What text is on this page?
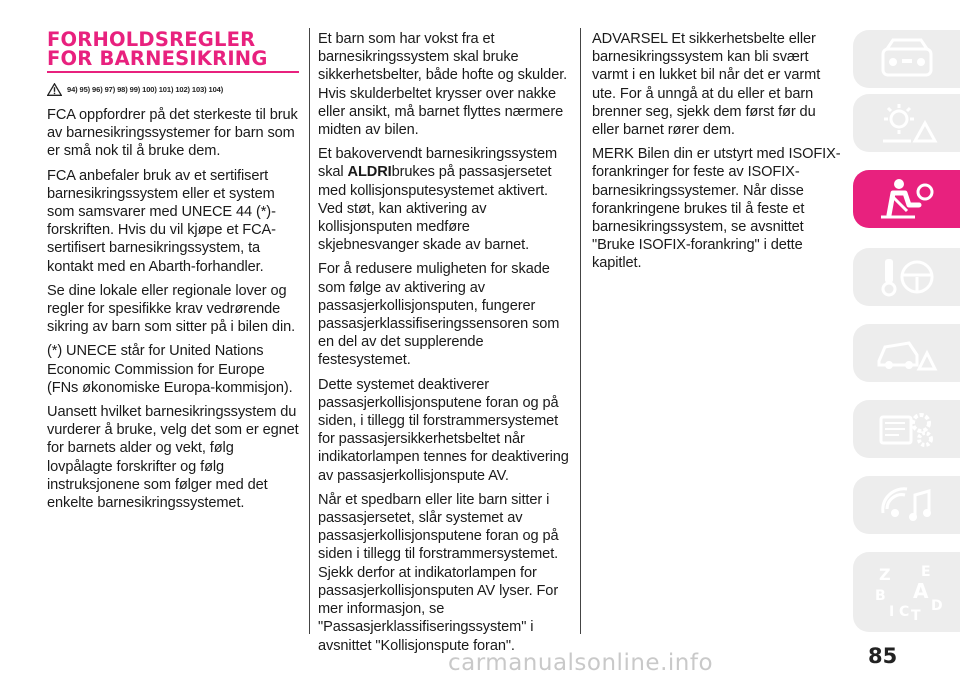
FORHOLDSREGLER FOR BARNESIKRING
94) 95) 96) 97) 98) 99) 100) 101) 102) 103) 104)

FCA oppfordrer på det sterkeste til bruk av barnesikringssystemer for barn som er små nok til å bruke dem.

FCA anbefaler bruk av et sertifisert barnesikringssystem eller et system som samsvarer med UNECE 44 (*)-forskriften. Hvis du vil kjøpe et FCA-sertifisert barnesikringssystem, ta kontakt med en Abarth-forhandler.

Se dine lokale eller regionale lover og regler for spesifikke krav vedrørende sikring av barn som sitter på i bilen din.

(*) UNECE står for United Nations Economic Commission for Europe (FNs økonomiske Europa-kommisjon).

Uansett hvilket barnesikringssystem du vurderer å bruke, velg det som er egnet for barnets alder og vekt, følg lovpålagte forskrifter og følg instruksjonene som følger med det enkelte barnesikringssystemet.

Et barn som har vokst fra et barnesikringssystem skal bruke sikkerhetsbelter, både hofte og skulder. Hvis skulderbeltet krysser over nakke eller ansikt, må barnet flyttes nærmere midten av bilen.

Et bakovervendt barnesikringssystem skal ALDRIbrukes på passasjersetet med kollisjonsputesystemet aktivert. Ved støt, kan aktivering av kollisjonsputen medføre skjebnesvanger skade av barnet.

For å redusere muligheten for skade som følge av aktivering av passasjerkollisjonsputen, fungerer passasjerklassifiseringssensoren som en del av det supplerende festesystemet.

Dette systemet deaktiverer passasjerkollisjonsputene foran og på siden, i tillegg til forstrammersystemet for passasjersikkerhetsbeltet når indikatorlampen tennes for deaktivering av passasjerkollisjonspute AV.

Når et spedbarn eller lite barn sitter i passasjersetet, slår systemet av passasjerkollisjonsputene foran og på siden i tillegg til forstrammersystemet. Sjekk derfor at indikatorlampen for passasjerkollisjonsputen AV lyser. For mer informasjon, se "Passasjerklassifiseringssystem" i avsnittet "Kollisjonspute foran".

ADVARSEL Et sikkerhetsbelte eller barnesikringssystem kan bli svært varmt i en lukket bil når det er varmt ute. For å unngå at du eller et barn brenner seg, sjekk dem først før du eller barnet rører dem.

MERK Bilen din er utstyrt med ISOFIX-forankringer for feste av ISOFIX-barnesikringssystemer. Når disse forankringene brukes til å feste et barnesikringssystem, se avsnittet "Bruke ISOFIX-forankring" i dette kapitlet.

Z E
B A
D
I C T
85
carmanualsonline.info
